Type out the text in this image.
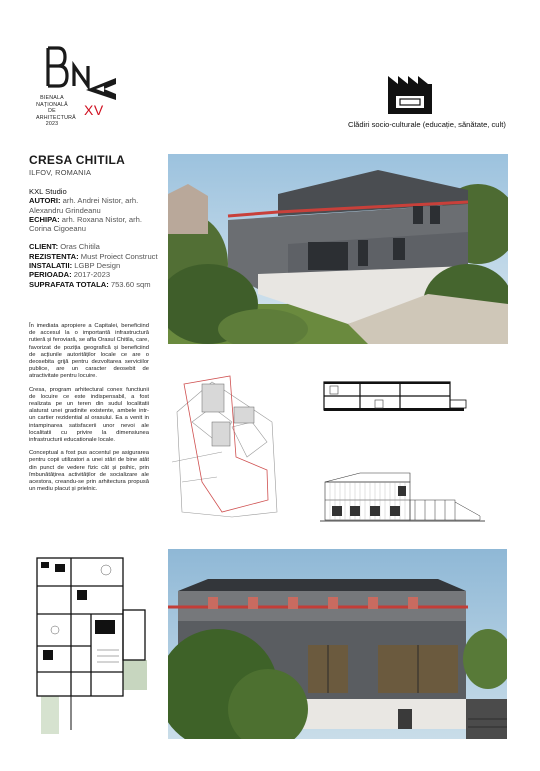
BIENALA
NAȚIONALĂ
DE
ARHITECTURĂ
2023
XV
Clădiri socio-culturale (educație, sănătate, cult)
CRESA CHITILA
ILFOV, ROMANIA
KXL Studio
AUTORI: arh. Andrei Nistor, arh. Alexandru Grindeanu
ECHIPA: arh. Roxana Nistor, arh. Corina Cigoeanu
CLIENT: Oras Chitila
REZISTENTA: Must Proiect Construct
INSTALATII: LGBP Design
PERIOADA: 2017-2023
SUPRAFATA TOTALA: 753.60 sqm

În imediata apropiere a Capitalei, beneficiind de accesul la o importantă infrastructură rutieră și feroviară, se afla Orasul Chitila, care, favorizat de poziția geografică și beneficiind de acțiunile autorităților locale ce are o deosebita grijă pentru dezvoltarea serviciilor publice, are un caracter deosebit de atractivitate pentru locuire.

Cresa, program arhitectural conex functiunii de locuire ce este indispensabil, a fost realizata pe un teren din sudul localitatii alaturat unei gradinite existente, ambele intr-un cartier rezidential al orasului. Ea a venit in intampinarea satisfacerii unor nevoi ale localitatii cu privire la dimensiunea infrastructurii educationale locale.

Conceptual a fost pus accentul pe asigurarea pentru copii utilizatori a unei stări de bine atât din punct de vedere fizic cât și psihic, prin îmbunătățirea activităților de socializare ale acestora, creandu-se prin arhitectura propusă un mediu placut și prielnic.
